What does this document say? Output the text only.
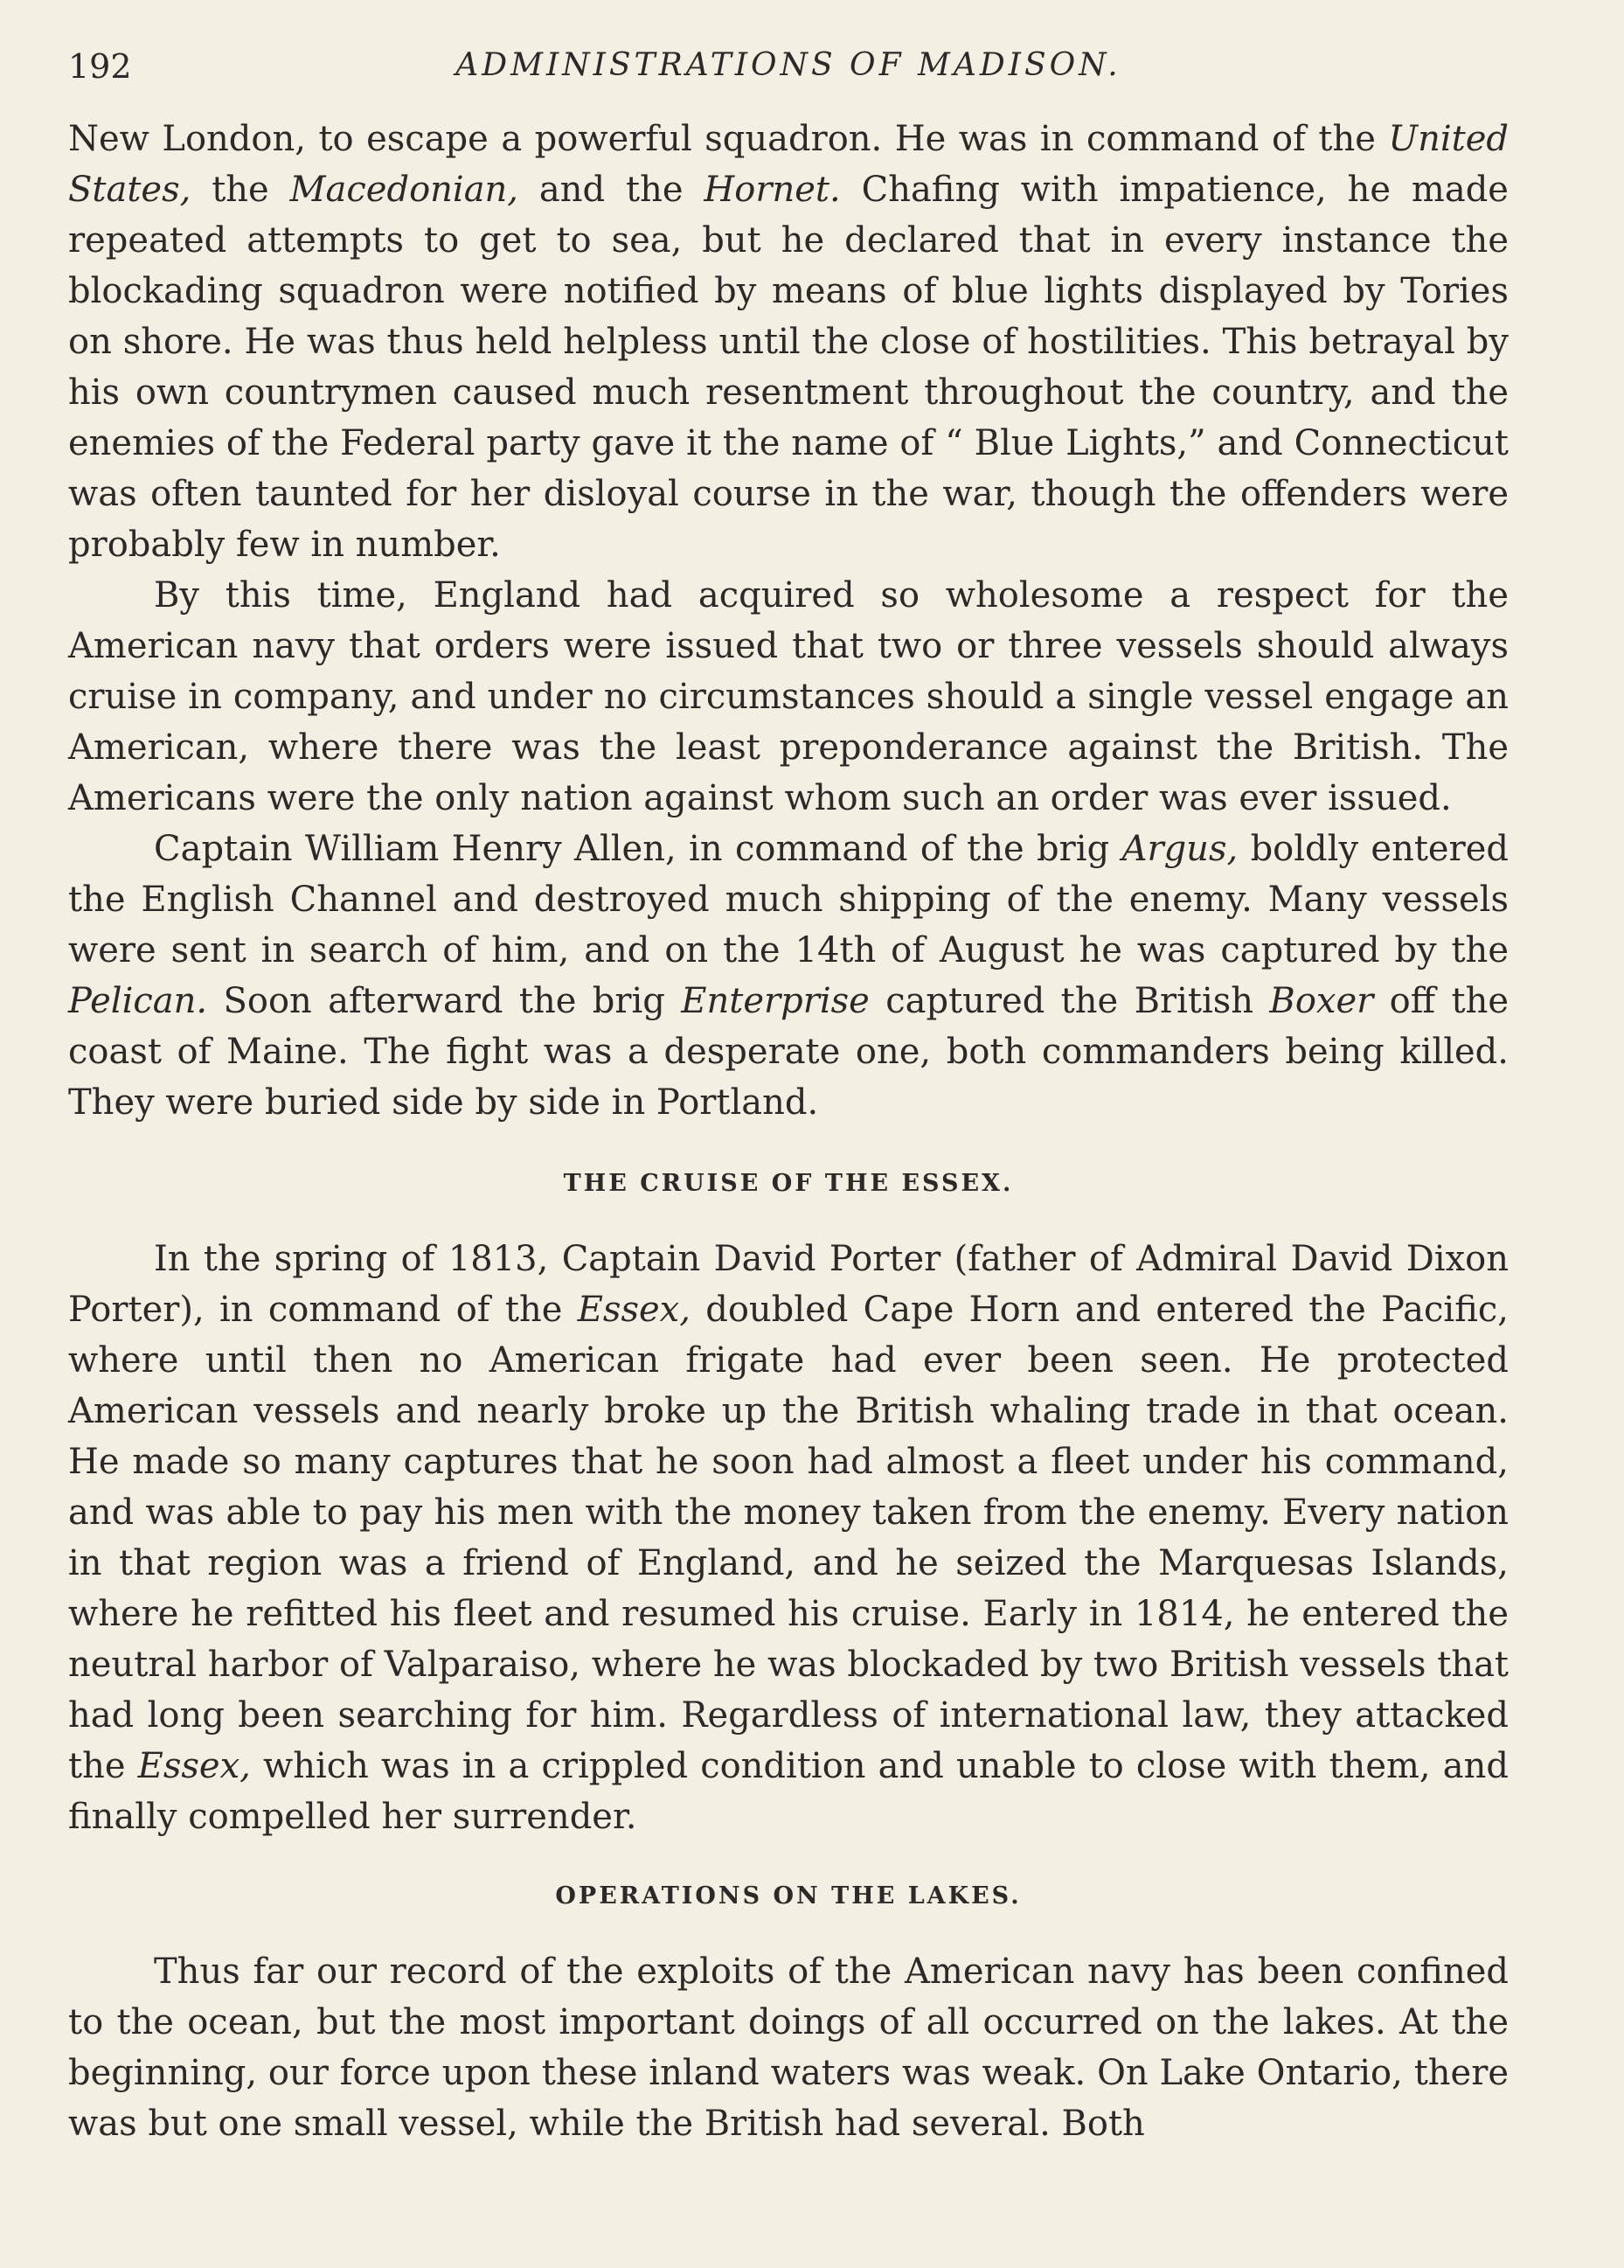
192	ADMINISTRATIONS OF MADISON.

New London, to escape a powerful squadron. He was in command of the United States, the Macedonian, and the Hornet. Chafing with impatience, he made repeated attempts to get to sea, but he declared that in every instance the blockading squadron were notified by means of blue lights displayed by Tories on shore. He was thus held helpless until the close of hostilities. This betrayal by his own countrymen caused much resentment throughout the country, and the enemies of the Federal party gave it the name of “ Blue Lights,” and Connecticut was often taunted for her disloyal course in the war, though the offenders were probably few in number.

By this time, England had acquired so wholesome a respect for the American navy that orders were issued that two or three vessels should always cruise in company, and under no circumstances should a single vessel engage an American, where there was the least preponderance against the British. The Americans were the only nation against whom such an order was ever issued.

Captain William Henry Allen, in command of the brig Argus, boldly entered the English Channel and destroyed much shipping of the enemy. Many vessels were sent in search of him, and on the 14th of August he was captured by the Pelican. Soon afterward the brig Enterprise captured the British Boxer off the coast of Maine. The fight was a desperate one, both commanders being killed. They were buried side by side in Portland.

THE CRUISE OF THE ESSEX.

In the spring of 1813, Captain David Porter (father of Admiral David Dixon Porter), in command of the Essex, doubled Cape Horn and entered the Pacific, where until then no American frigate had ever been seen. He protected American vessels and nearly broke up the British whaling trade in that ocean. He made so many captures that he soon had almost a fleet under his command, and was able to pay his men with the money taken from the enemy. Every nation in that region was a friend of England, and he seized the Marquesas Islands, where he refitted his fleet and resumed his cruise. Early in 1814, he entered the neutral harbor of Valparaiso, where he was blockaded by two British vessels that had long been searching for him. Regardless of international law, they attacked the Essex, which was in a crippled condition and unable to close with them, and finally compelled her surrender.

OPERATIONS ON THE LAKES.

Thus far our record of the exploits of the American navy has been confined to the ocean, but the most important doings of all occurred on the lakes. At the beginning, our force upon these inland waters was weak. On Lake Ontario, there was but one small vessel, while the British had several. Both
